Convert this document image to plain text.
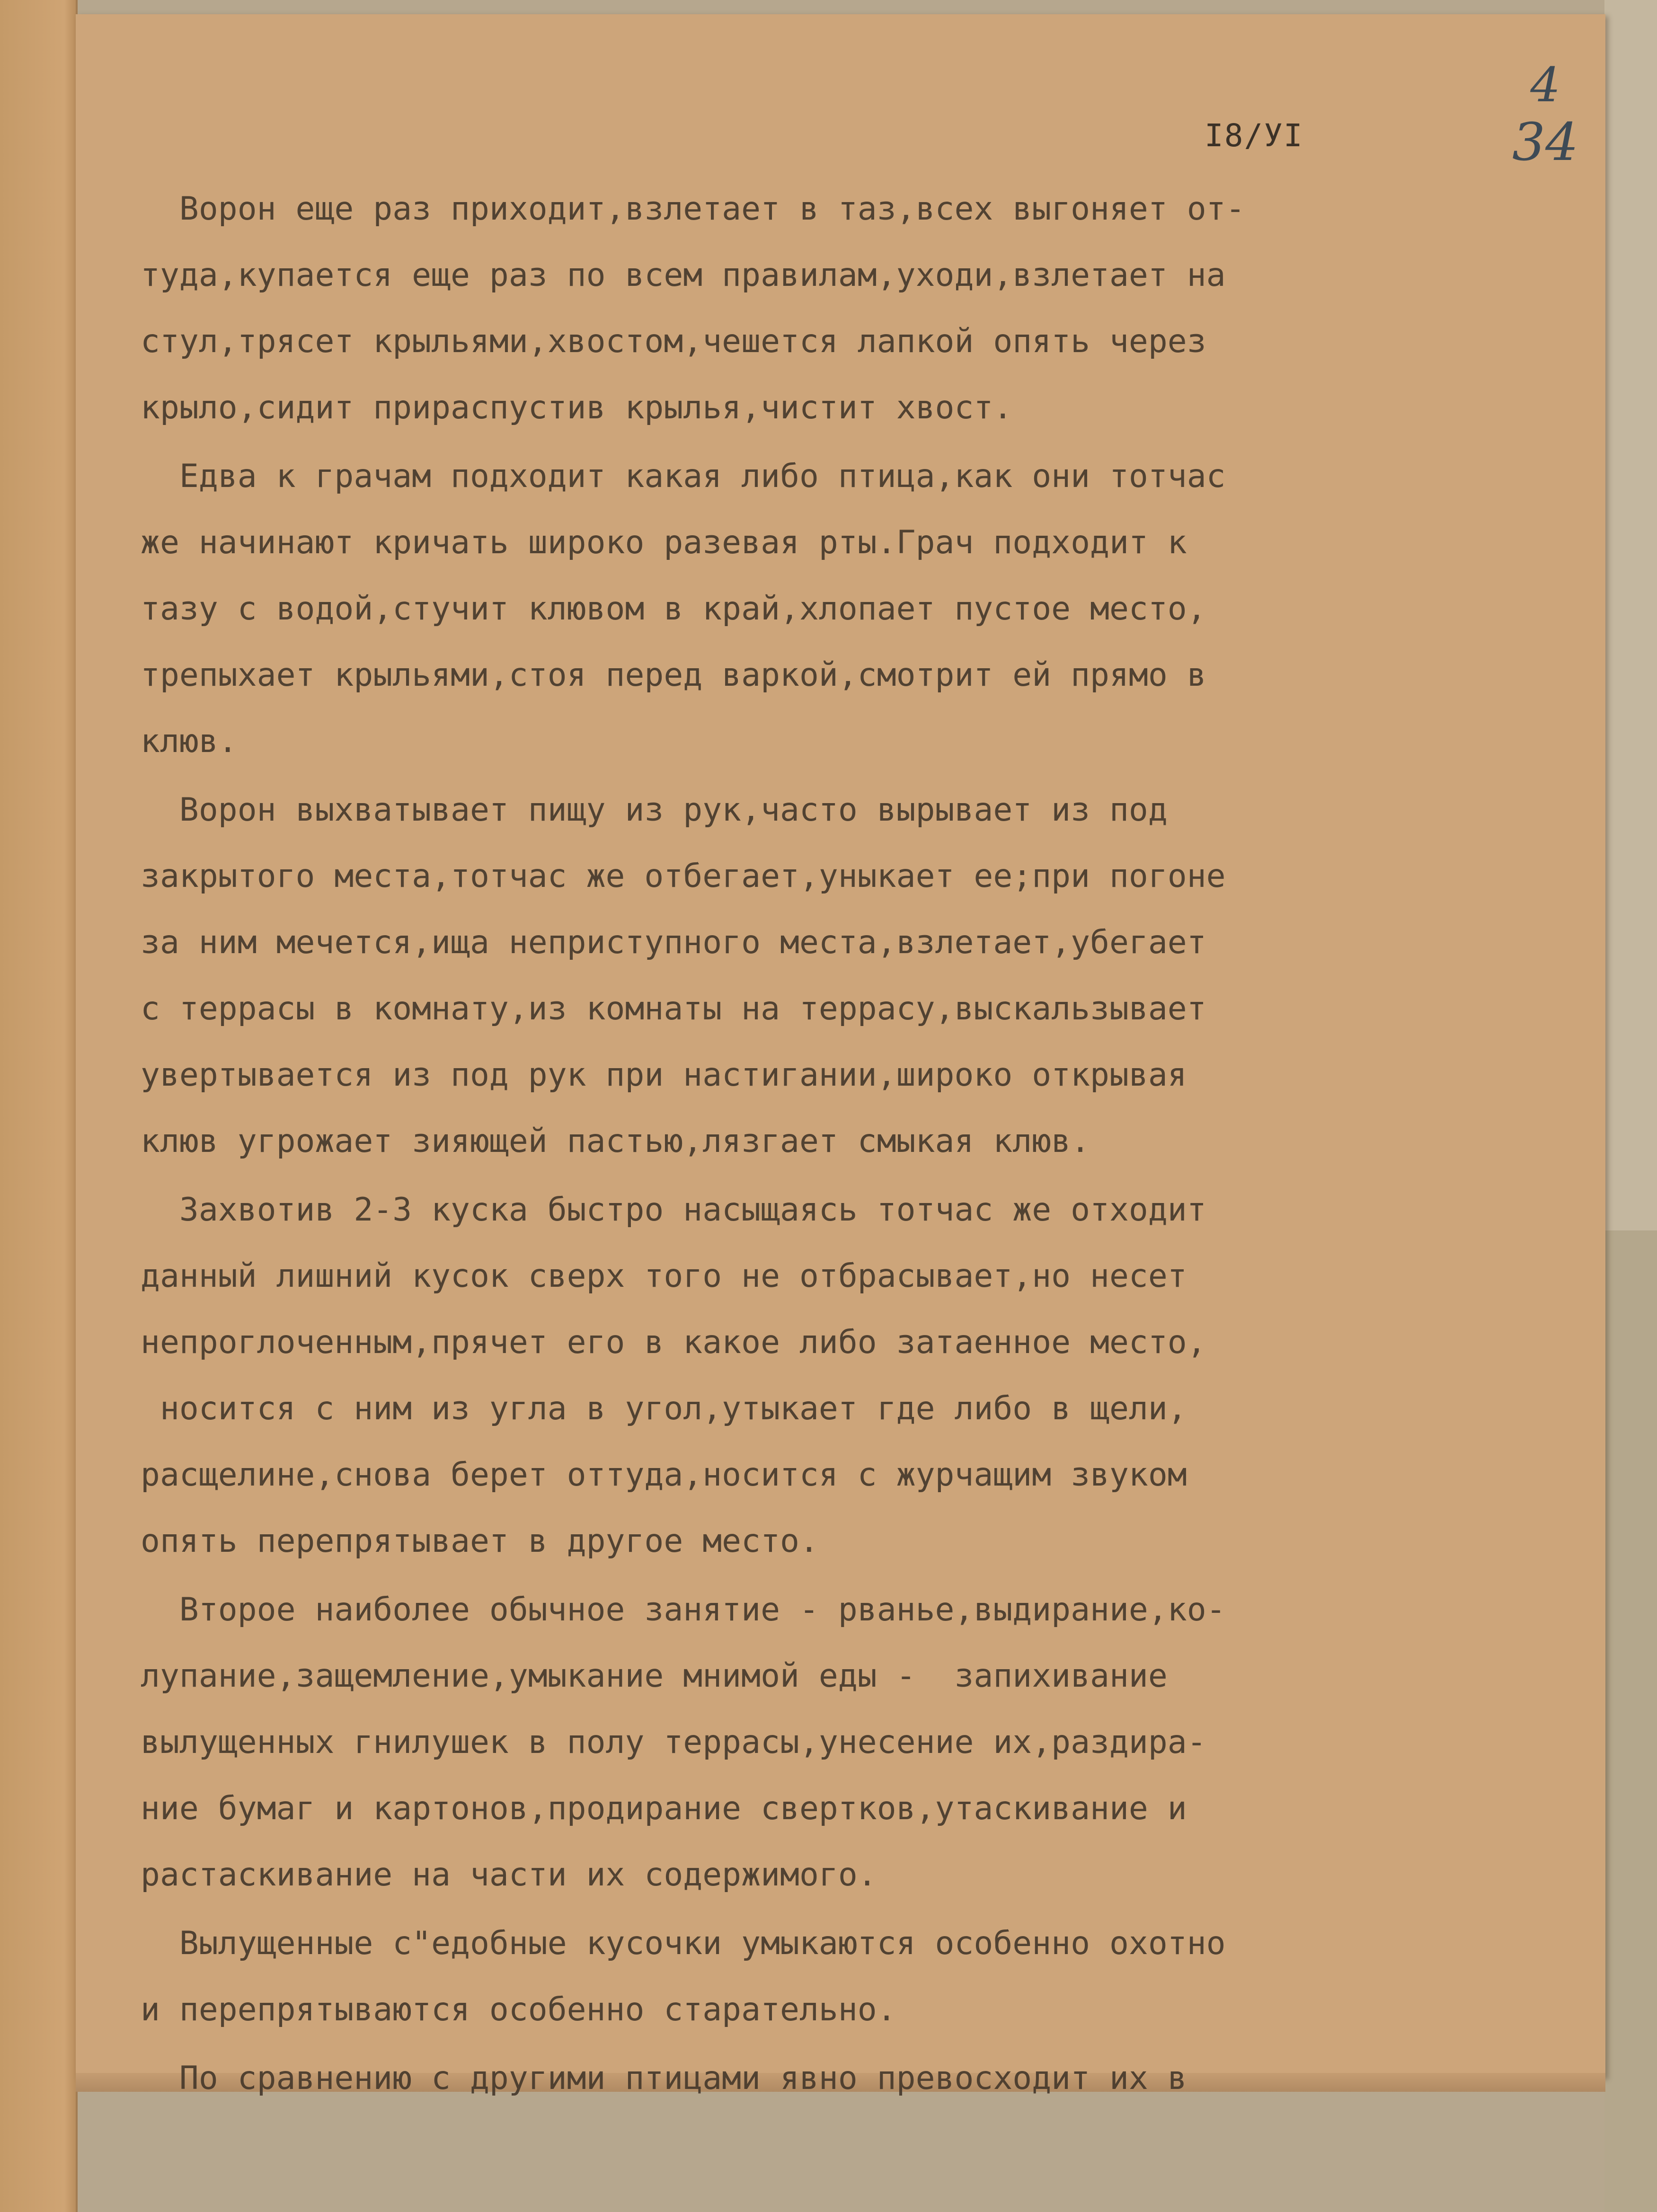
I8/УI
4
34
Ворон еще раз приходит,взлетает в таз,всех выгоняет от-
туда,купается еще раз по всем правилам,уходи,взлетает на
стул,трясет крыльями,хвостом,чешется лапкой опять через
крыло,сидит прираспустив крылья,чистит хвост.
Едва к грачам подходит какая либо птица,как они тотчас
же начинают кричать широко разевая рты.Грач подходит к
тазу с водой,стучит клювом в край,хлопает пустое место,
трепыхает крыльями,стоя перед варкой,смотрит ей прямо в
клюв.
Ворон выхватывает пищу из рук,часто вырывает из под
закрытого места,тотчас же отбегает,уныкает ее;при погоне
за ним мечется,ища неприступного места,взлетает,убегает
с террасы в комнату,из комнаты на террасу,выскальзывает
увертывается из под рук при настигании,широко открывая
клюв угрожает зияющей пастью,лязгает смыкая клюв.
Захвотив 2-3 куска быстро насыщаясь тотчас же отходит
данный лишний кусок сверх того не отбрасывает,но несет
непроглоченным,прячет его в какое либо затаенное место,
носится с ним из угла в угол,утыкает где либо в щели,
расщелине,снова берет оттуда,носится с журчащим звуком
опять перепрятывает в другое место.
Второе наиболее обычное занятие - рванье,выдирание,ко-
лупание,защемление,умыкание мнимой еды -  запихивание
вылущенных гнилушек в полу террасы,унесение их,раздира-
ние бумаг и картонов,продирание свертков,утаскивание и
растаскивание на части их содержимого.
Вылущенные с"едобные кусочки умыкаются особенно охотно
и перепрятываются особенно старательно.
По сравнению с другими птицами явно превосходит их в
